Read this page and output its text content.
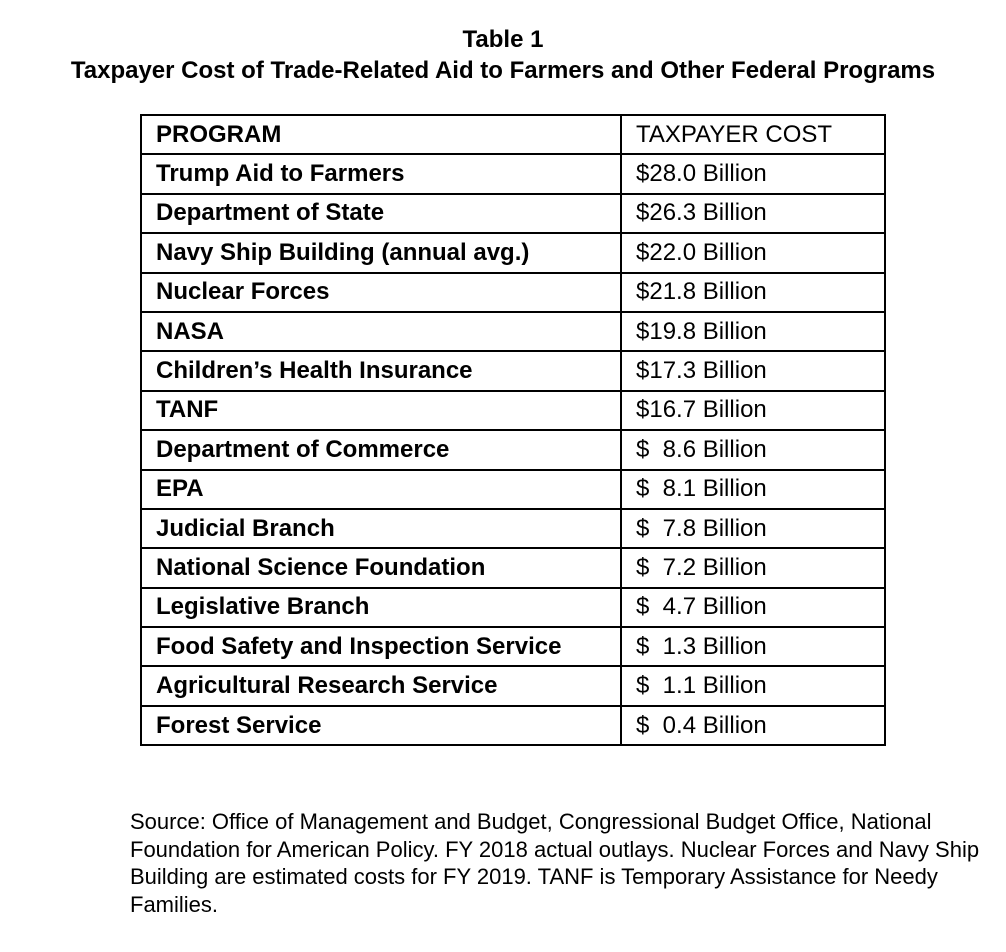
Table 1
Taxpayer Cost of Trade-Related Aid to Farmers and Other Federal Programs
PROGRAM	TAXPAYER COST
Trump Aid to Farmers	$28.0 Billion
Department of State	$26.3 Billion
Navy Ship Building (annual avg.)	$22.0 Billion
Nuclear Forces	$21.8 Billion
NASA	$19.8 Billion
Children’s Health Insurance	$17.3 Billion
TANF	$16.7 Billion
Department of Commerce	$  8.6 Billion
EPA	$  8.1 Billion
Judicial Branch	$  7.8 Billion
National Science Foundation	$  7.2 Billion
Legislative Branch	$  4.7 Billion
Food Safety and Inspection Service	$  1.3 Billion
Agricultural Research Service	$  1.1 Billion
Forest Service	$  0.4 Billion
Source: Office of Management and Budget, Congressional Budget Office, National Foundation for American Policy. FY 2018 actual outlays. Nuclear Forces and Navy Ship Building are estimated costs for FY 2019. TANF is Temporary Assistance for Needy Families.
